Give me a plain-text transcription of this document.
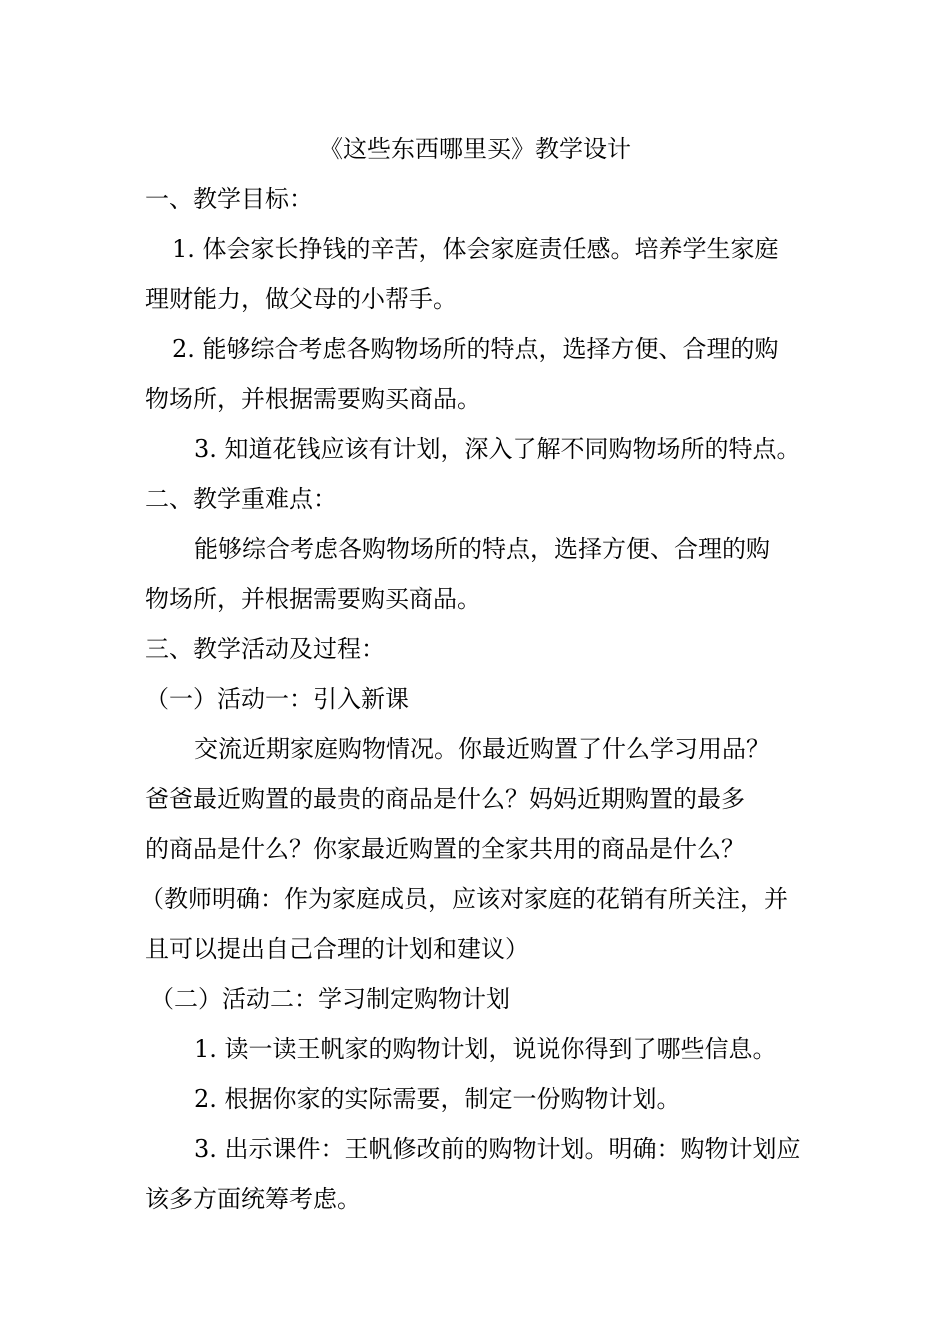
《这些东西哪里买》教学设计
一、教学目标：
1. 体会家长挣钱的辛苦，体会家庭责任感。培养学生家庭
理财能力，做父母的小帮手。
2. 能够综合考虑各购物场所的特点，选择方便、合理的购
物场所，并根据需要购买商品。
3. 知道花钱应该有计划，深入了解不同购物场所的特点。
二、教学重难点：
能够综合考虑各购物场所的特点，选择方便、合理的购
物场所，并根据需要购买商品。
三、教学活动及过程：
（一）活动一：引入新课
交流近期家庭购物情况。你最近购置了什么学习用品？
爸爸最近购置的最贵的商品是什么？妈妈近期购置的最多
的商品是什么？你家最近购置的全家共用的商品是什么？
（教师明确：作为家庭成员，应该对家庭的花销有所关注，并
且可以提出自己合理的计划和建议）
（二）活动二：学习制定购物计划
1. 读一读王帆家的购物计划，说说你得到了哪些信息。
2. 根据你家的实际需要，制定一份购物计划。
3. 出示课件：王帆修改前的购物计划。明确：购物计划应
该多方面统筹考虑。
